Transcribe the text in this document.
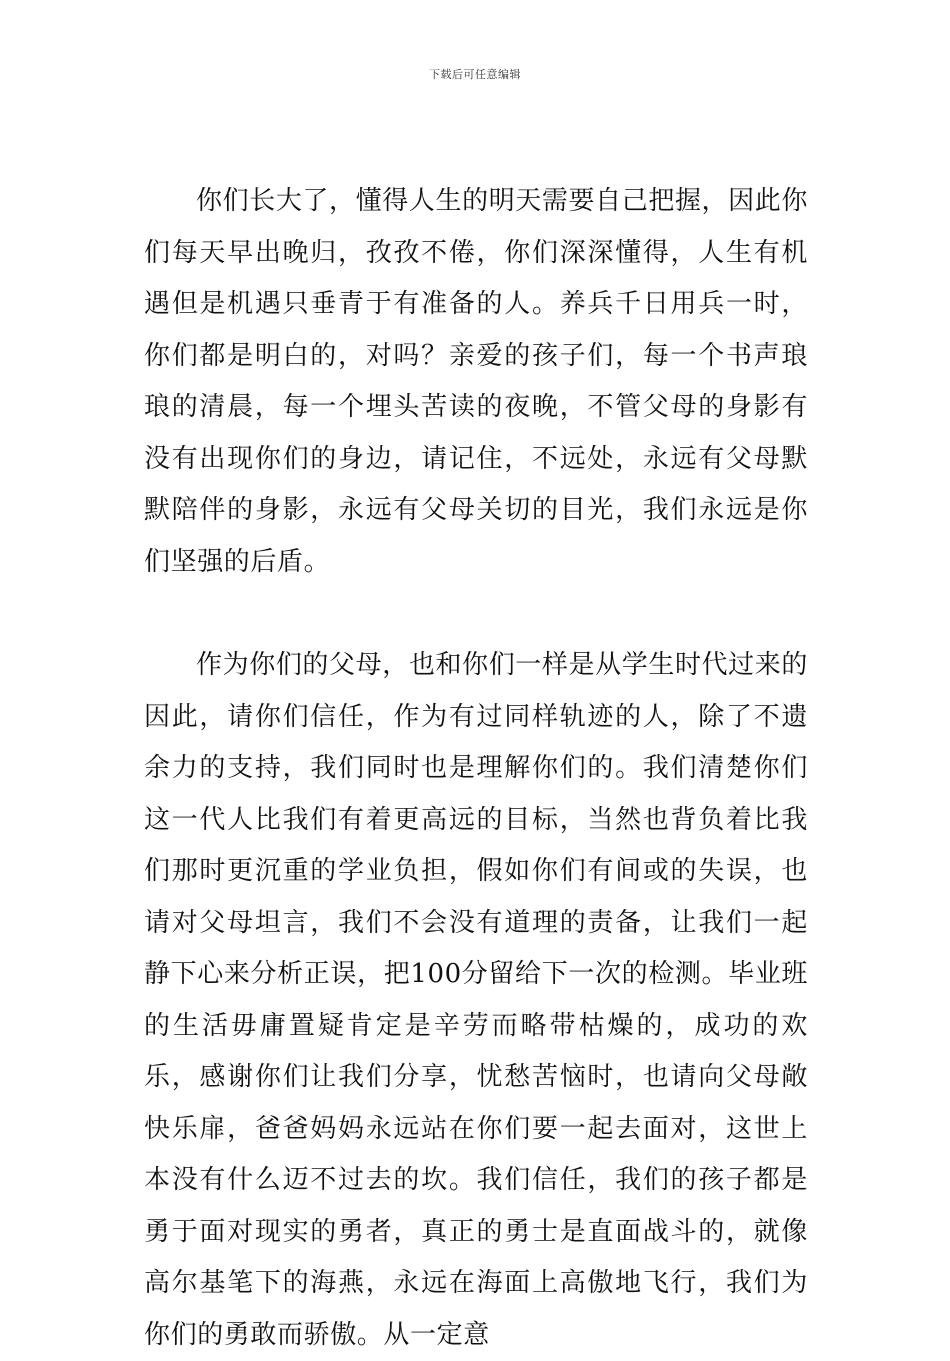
下载后可任意编辑

你们长大了，懂得人生的明天需要自己把握，因此你们每天早出晚归，孜孜不倦，你们深深懂得，人生有机遇但是机遇只垂青于有准备的人。养兵千日用兵一时，你们都是明白的，对吗？亲爱的孩子们，每一个书声琅琅的清晨，每一个埋头苦读的夜晚，不管父母的身影有没有出现你们的身边，请记住，不远处，永远有父母默默陪伴的身影，永远有父母关切的目光，我们永远是你们坚强的后盾。

作为你们的父母，也和你们一样是从学生时代过来的因此，请你们信任，作为有过同样轨迹的人，除了不遗余力的支持，我们同时也是理解你们的。我们清楚你们这一代人比我们有着更高远的目标，当然也背负着比我们那时更沉重的学业负担，假如你们有间或的失误，也请对父母坦言，我们不会没有道理的责备，让我们一起静下心来分析正误，把100分留给下一次的检测。毕业班的生活毋庸置疑肯定是辛劳而略带枯燥的，成功的欢乐，感谢你们让我们分享，忧愁苦恼时，也请向父母敞快乐扉，爸爸妈妈永远站在你们要一起去面对，这世上本没有什么迈不过去的坎。我们信任，我们的孩子都是勇于面对现实的勇者，真正的勇士是直面战斗的，就像高尔基笔下的海燕，永远在海面上高傲地飞行，我们为你们的勇敢而骄傲。从一定意
